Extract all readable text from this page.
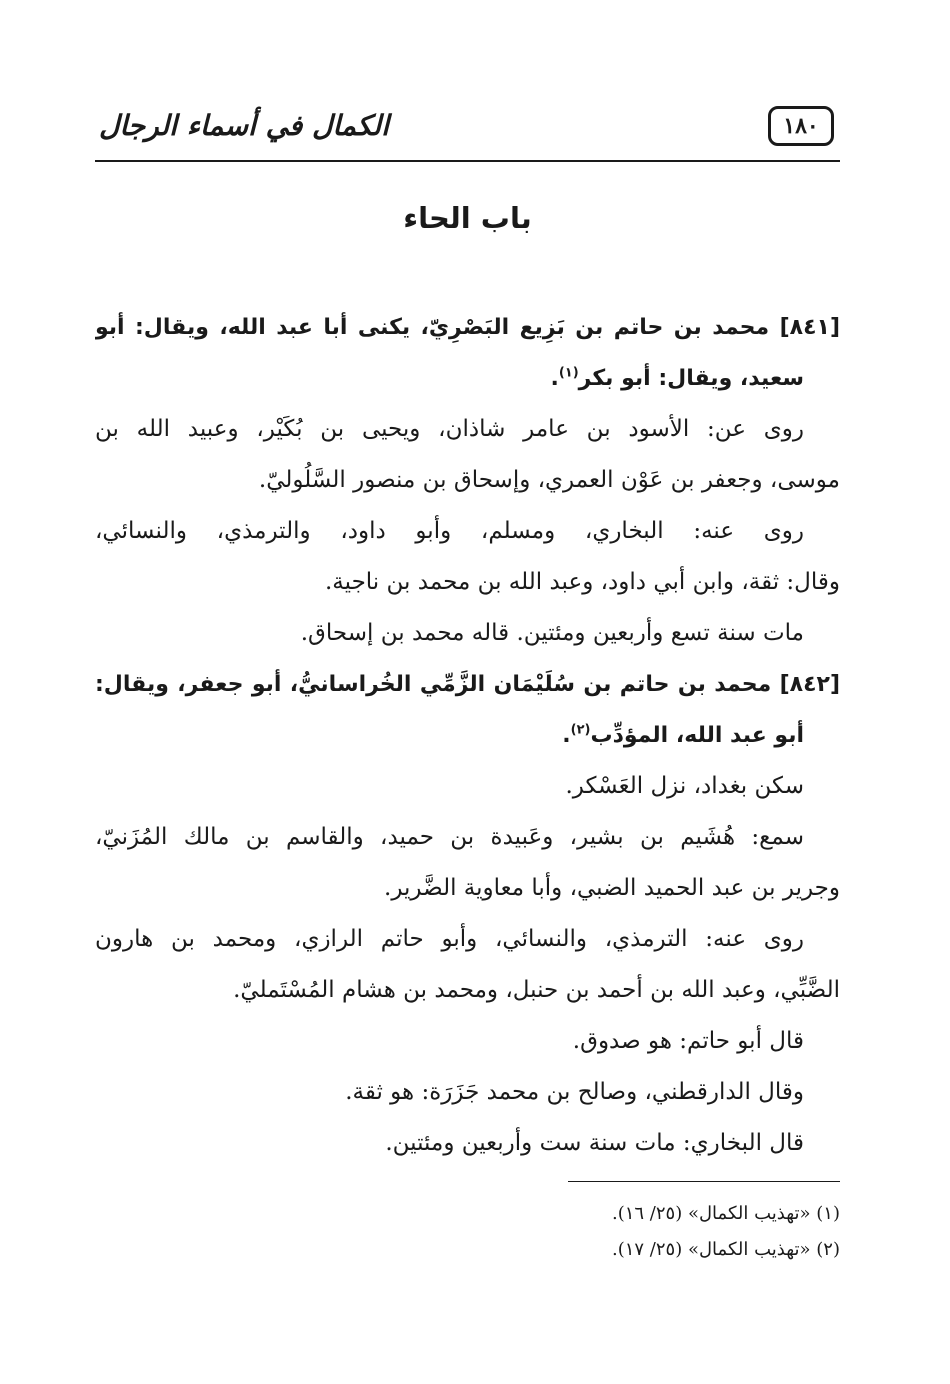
١٨٠
الكمال في أسماء الرجال
باب الحاء
[٨٤١] محمد بن حاتم بن بَزِيع البَصْرِيّ، يكنى أبا عبد الله، ويقال: أبو
سعيد، ويقال: أبو بكر$^{(١)}$.
روى عن: الأسود بن عامر شاذان، ويحيى بن بُكَيْر، وعبيد الله بن
موسى، وجعفر بن عَوْن العمري، وإسحاق بن منصور السَّلُوليّ.
روى عنه: البخاري، ومسلم، وأبو داود، والترمذي، والنسائي،
وقال: ثقة، وابن أبي داود، وعبد الله بن محمد بن ناجية.
مات سنة تسع وأربعين ومئتين. قاله محمد بن إسحاق.
[٨٤٢] محمد بن حاتم بن سُلَيْمَان الزَّمِّي الخُراسانيُّ، أبو جعفر، ويقال:
أبو عبد الله، المؤدِّب$^{(٢)}$.
سكن بغداد، نزل العَسْكر.
سمع: هُشَيم بن بشير، وعَبيدة بن حميد، والقاسم بن مالك المُزَنيّ،
وجرير بن عبد الحميد الضبي، وأبا معاوية الضَّرير.
روى عنه: الترمذي، والنسائي، وأبو حاتم الرازي، ومحمد بن هارون
الضَّبِّي، وعبد الله بن أحمد بن حنبل، ومحمد بن هشام المُسْتَمليّ.
قال أبو حاتم: هو صدوق.
وقال الدارقطني، وصالح بن محمد جَزَرَة: هو ثقة.
قال البخاري: مات سنة ست وأربعين ومئتين.
(١) «تهذيب الكمال» (٢٥/ ١٦).
(٢) «تهذيب الكمال» (٢٥/ ١٧).
